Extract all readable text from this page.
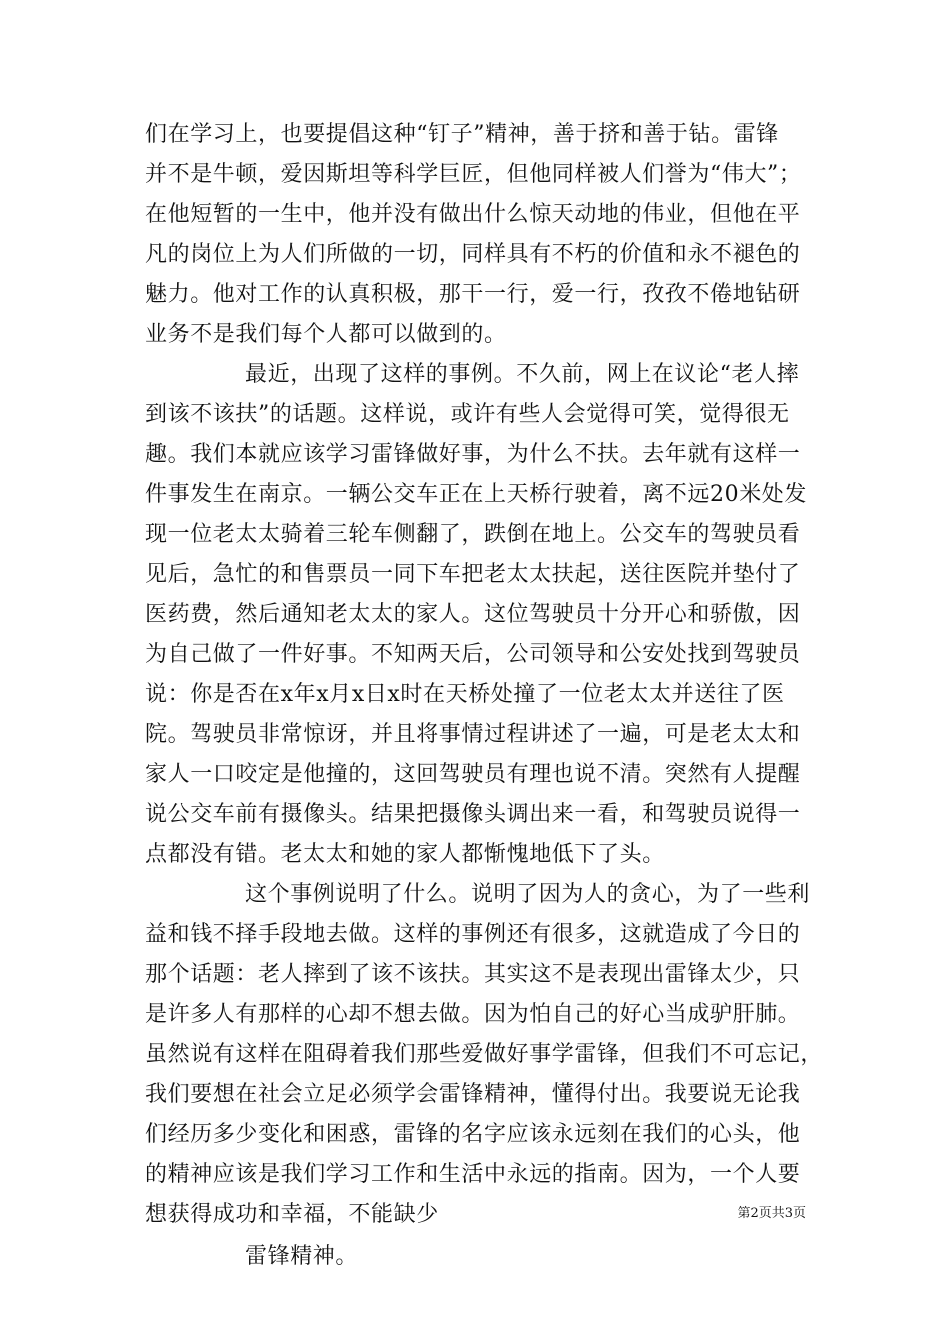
们在学习上，也要提倡这种“钉子”精神，善于挤和善于钻。雷锋
并不是牛顿，爱因斯坦等科学巨匠，但他同样被人们誉为“伟大”；
在他短暂的一生中，他并没有做出什么惊天动地的伟业，但他在平
凡的岗位上为人们所做的一切，同样具有不朽的价值和永不褪色的
魅力。他对工作的认真积极，那干一行，爱一行，孜孜不倦地钻研
业务不是我们每个人都可以做到的。
最近，出现了这样的事例。不久前，网上在议论“老人摔
到该不该扶”的话题。这样说，或许有些人会觉得可笑，觉得很无
趣。我们本就应该学习雷锋做好事，为什么不扶。去年就有这样一
件事发生在南京。一辆公交车正在上天桥行驶着，离不远20米处发
现一位老太太骑着三轮车侧翻了，跌倒在地上。公交车的驾驶员看
见后，急忙的和售票员一同下车把老太太扶起，送往医院并垫付了
医药费，然后通知老太太的家人。这位驾驶员十分开心和骄傲，因
为自己做了一件好事。不知两天后，公司领导和公安处找到驾驶员
说：你是否在x年x月x日x时在天桥处撞了一位老太太并送往了医
院。驾驶员非常惊讶，并且将事情过程讲述了一遍，可是老太太和
家人一口咬定是他撞的，这回驾驶员有理也说不清。突然有人提醒
说公交车前有摄像头。结果把摄像头调出来一看，和驾驶员说得一
点都没有错。老太太和她的家人都惭愧地低下了头。
这个事例说明了什么。说明了因为人的贪心，为了一些利
益和钱不择手段地去做。这样的事例还有很多，这就造成了今日的
那个话题：老人摔到了该不该扶。其实这不是表现出雷锋太少，只
是许多人有那样的心却不想去做。因为怕自己的好心当成驴肝肺。
虽然说有这样在阻碍着我们那些爱做好事学雷锋，但我们不可忘记，
我们要想在社会立足必须学会雷锋精神，懂得付出。我要说无论我
们经历多少变化和困惑，雷锋的名字应该永远刻在我们的心头，他
的精神应该是我们学习工作和生活中永远的指南。因为，一个人要
想获得成功和幸福，不能缺少
雷锋精神。
第2页共3页
